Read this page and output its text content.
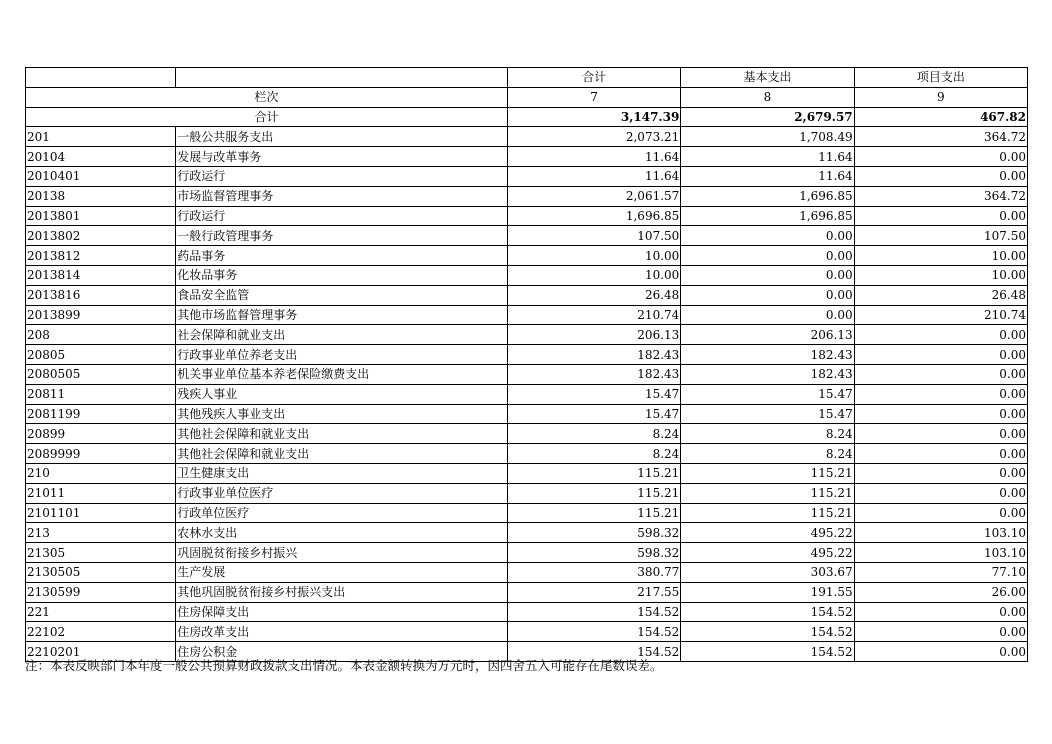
		合计	基本支出	项目支出
栏次		7	8	9
合计		3,147.39	2,679.57	467.82
201	一般公共服务支出	2,073.21	1,708.49	364.72
20104	发展与改革事务	11.64	11.64	0.00
2010401	行政运行	11.64	11.64	0.00
20138	市场监督管理事务	2,061.57	1,696.85	364.72
2013801	行政运行	1,696.85	1,696.85	0.00
2013802	一般行政管理事务	107.50	0.00	107.50
2013812	药品事务	10.00	0.00	10.00
2013814	化妆品事务	10.00	0.00	10.00
2013816	食品安全监管	26.48	0.00	26.48
2013899	其他市场监督管理事务	210.74	0.00	210.74
208	社会保障和就业支出	206.13	206.13	0.00
20805	行政事业单位养老支出	182.43	182.43	0.00
2080505	机关事业单位基本养老保险缴费支出	182.43	182.43	0.00
20811	残疾人事业	15.47	15.47	0.00
2081199	其他残疾人事业支出	15.47	15.47	0.00
20899	其他社会保障和就业支出	8.24	8.24	0.00
2089999	其他社会保障和就业支出	8.24	8.24	0.00
210	卫生健康支出	115.21	115.21	0.00
21011	行政事业单位医疗	115.21	115.21	0.00
2101101	行政单位医疗	115.21	115.21	0.00
213	农林水支出	598.32	495.22	103.10
21305	巩固脱贫衔接乡村振兴	598.32	495.22	103.10
2130505	生产发展	380.77	303.67	77.10
2130599	其他巩固脱贫衔接乡村振兴支出	217.55	191.55	26.00
221	住房保障支出	154.52	154.52	0.00
22102	住房改革支出	154.52	154.52	0.00
2210201	住房公积金	154.52	154.52	0.00
注：本表反映部门本年度一般公共预算财政拨款支出情况。本表金额转换为万元时，因四舍五入可能存在尾数误差。
